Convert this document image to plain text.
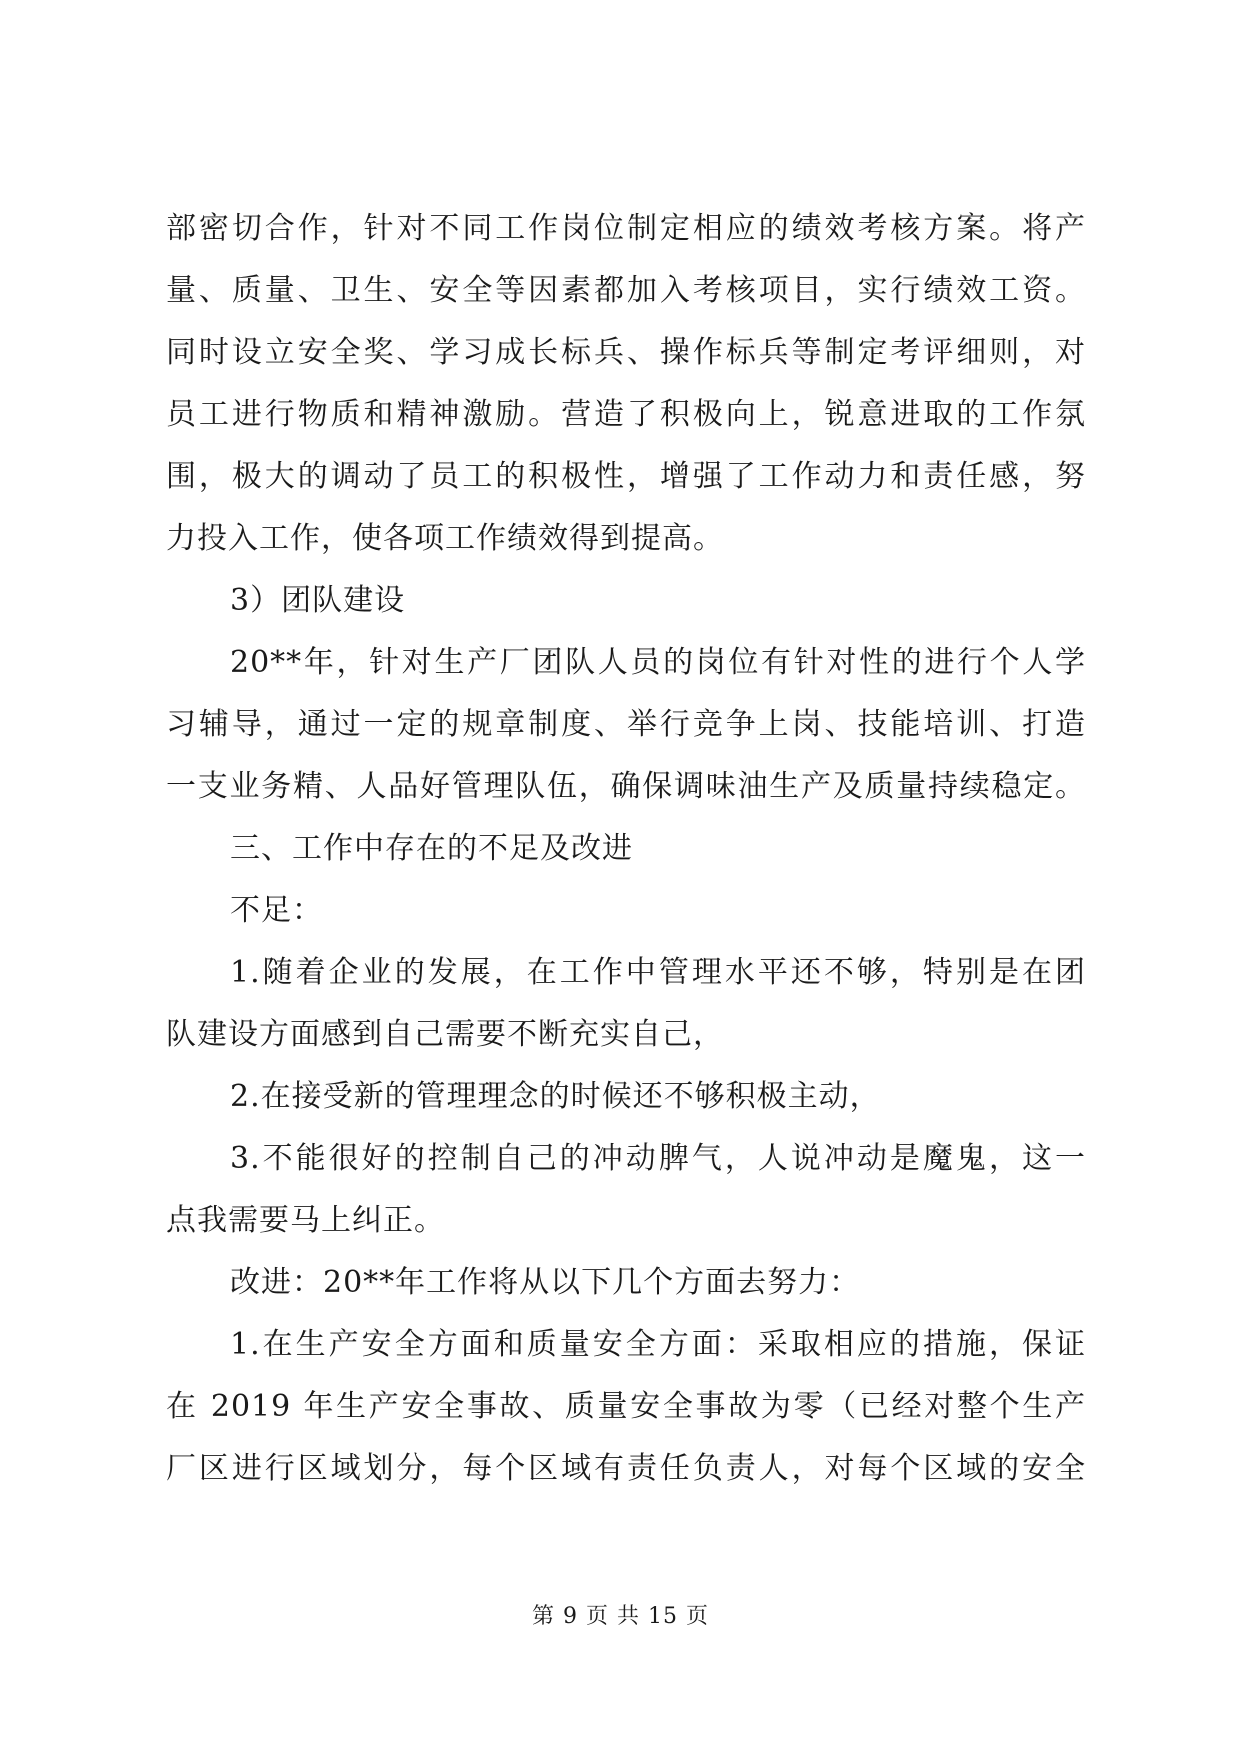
部密切合作，针对不同工作岗位制定相应的绩效考核方案。将产
量、质量、卫生、安全等因素都加入考核项目，实行绩效工资。
同时设立安全奖、学习成长标兵、操作标兵等制定考评细则，对
员工进行物质和精神激励。营造了积极向上，锐意进取的工作氛
围，极大的调动了员工的积极性，增强了工作动力和责任感，努
力投入工作，使各项工作绩效得到提高。
3）团队建设
20**年，针对生产厂团队人员的岗位有针对性的进行个人学
习辅导，通过一定的规章制度、举行竞争上岗、技能培训、打造
一支业务精、人品好管理队伍，确保调味油生产及质量持续稳定。
三、工作中存在的不足及改进
不足：
1.随着企业的发展，在工作中管理水平还不够，特别是在团
队建设方面感到自己需要不断充实自己，
2.在接受新的管理理念的时候还不够积极主动，
3.不能很好的控制自己的冲动脾气，人说冲动是魔鬼，这一
点我需要马上纠正。
改进：20**年工作将从以下几个方面去努力：
1.在生产安全方面和质量安全方面：采取相应的措施，保证
在 2019 年生产安全事故、质量安全事故为零（已经对整个生产
厂区进行区域划分，每个区域有责任负责人，对每个区域的安全
第 9 页 共 15 页
